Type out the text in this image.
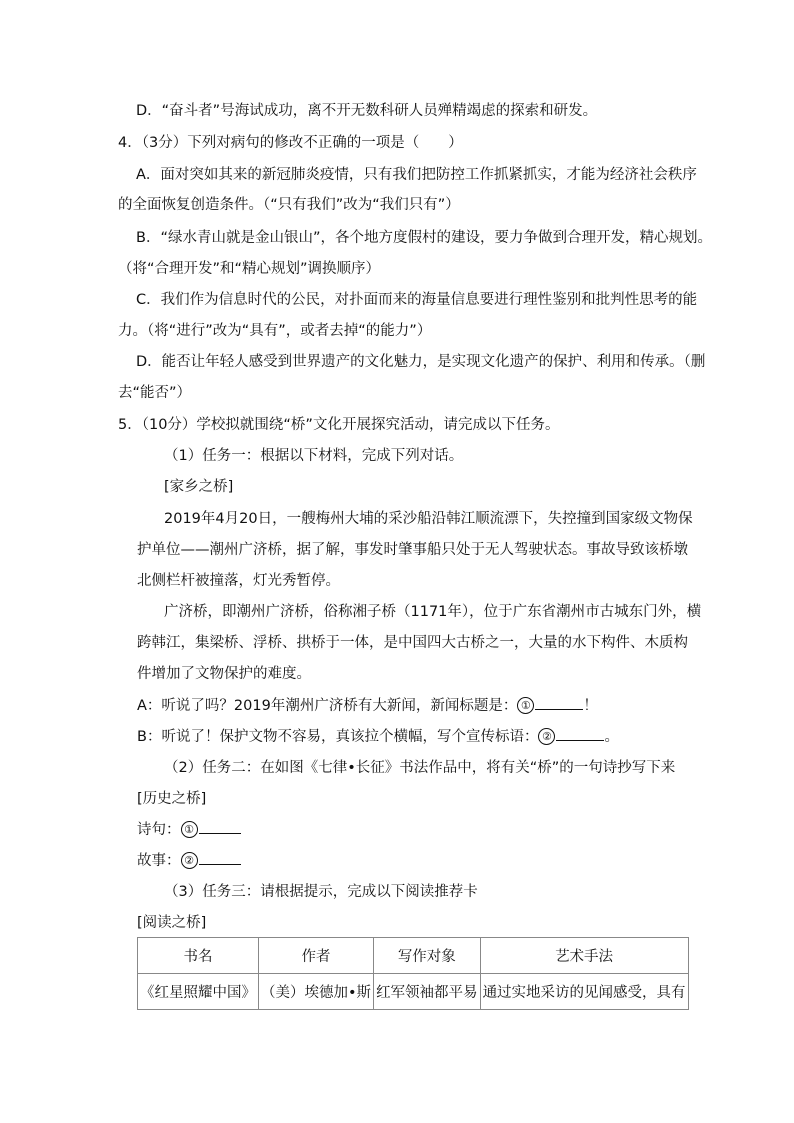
D．“奋斗者”号海试成功，离不开无数科研人员殚精竭虑的探索和研发。
4．（3分）下列对病句的修改不正确的一项是（　　）
A．面对突如其来的新冠肺炎疫情，只有我们把防控工作抓紧抓实，才能为经济社会秩序
的全面恢复创造条件。（“只有我们”改为“我们只有”）
B．“绿水青山就是金山银山”，各个地方度假村的建设，要力争做到合理开发，精心规划。
（将“合理开发”和“精心规划”调换顺序）
C．我们作为信息时代的公民，对扑面而来的海量信息要进行理性鉴别和批判性思考的能
力。（将“进行”改为“具有”，或者去掉“的能力”）
D．能否让年轻人感受到世界遗产的文化魅力，是实现文化遗产的保护、利用和传承。（删
去“能否”）
5．（10分）学校拟就围绕“桥”文化开展探究活动，请完成以下任务。
（1）任务一：根据以下材料，完成下列对话。
[家乡之桥]
2019年4月20日，一艘梅州大埔的采沙船沿韩江顺流漂下，失控撞到国家级文物保
护单位——潮州广济桥，据了解，事发时肇事船只处于无人驾驶状态。事故导致该桥墩
北侧栏杆被撞落，灯光秀暂停。
广济桥，即潮州广济桥，俗称湘子桥（1171年），位于广东省潮州市古城东门外，横
跨韩江，集梁桥、浮桥、拱桥于一体，是中国四大古桥之一，大量的水下构件、木质构
件增加了文物保护的难度。
A：听说了吗？2019年潮州广济桥有大新闻，新闻标题是： ①	！
B：听说了！保护文物不容易，真该拉个横幅，写个宣传标语： ②	。
（2）任务二：在如图《七律•长征》书法作品中，将有关“桥”的一句诗抄写下来
[历史之桥]
诗句： ①
故事： ②
（3）任务三：请根据提示，完成以下阅读推荐卡
[阅读之桥]
书名	作者	写作对象	艺术手法
《红星照耀中国》	（美）埃德加•斯	红军领袖都平易	通过实地采访的见闻感受，具有
